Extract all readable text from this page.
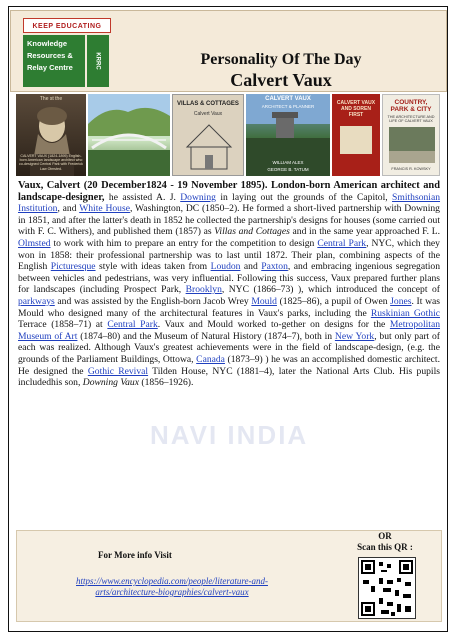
KEEP EDUCATING
Knowledge
Resources &
Relay Centre	KRRC	Personality Of The Day
Calvert Vaux
The st the
CALVERT VAUX (1824-1895) English-born American landscape architect who co-designed Central Park with Frederick Law Olmsted.
VILLAS & COTTAGES
Calvert Vaux
CALVERT VAUX
ARCHITECT & PLANNER
WILLIAM ALEX
GEORGE B. TATUM
CALVERT VAUX AND SOREN FIRST
COUNTRY, PARK & CITY
THE ARCHITECTURE AND LIFE OF CALVERT VAUX
FRANCIS R. KOWSKY
NAVI INDIA
Vaux, Calvert (20 December1824 - 19 November 1895). London-born American architect and landscape-designer, he assisted A. J. Downing in laying out the grounds of the Capitol, Smithsonian Institution, and White House, Washington, DC (1850–2). He formed a short-lived partnership with Downing in 1851, and after the latter's death in 1852 he collected the partnership's designs for houses (some carried out with F. C. Withers), and published them (1857) as Villas and Cottages and in the same year approached F. L. Olmsted to work with him to prepare an entry for the competition to design Central Park, NYC, which they won in 1858: their professional partnership was to last until 1872. Their plan, combining aspects of the English Picturesque style with ideas taken from Loudon and Paxton, and embracing ingenious segregation between vehicles and pedestrians, was very influential. Following this success, Vaux prepared further plans for landscapes (including Prospect Park, Brooklyn, NYC (1866–73) ), which introduced the concept of parkways and was assisted by the English-born Jacob Wrey Mould (1825–86), a pupil of Owen Jones. It was Mould who designed many of the architectural features in Vaux's parks, including the Ruskinian Gothic Terrace (1858–71) at Central Park. Vaux and Mould worked to-gether on designs for the Metropolitan Museum of Art (1874–80) and the Museum of Natural History (1874–7), both in New York, but only part of each was realized. Although Vaux's greatest achievements were in the field of landscape-design, (e.g. the grounds of the Parliament Buildings, Ottowa, Canada (1873–9) ) he was an accomplished domestic architect. He designed the Gothic Revival Tilden House, NYC (1881–4), later the National Arts Club. His pupils includedhis son, Downing Vaux (1856–1926).
For More info Visit
https://www.encyclopedia.com/people/literature-and-arts/architecture-biographies/calvert-vaux
OR
Scan this QR :
